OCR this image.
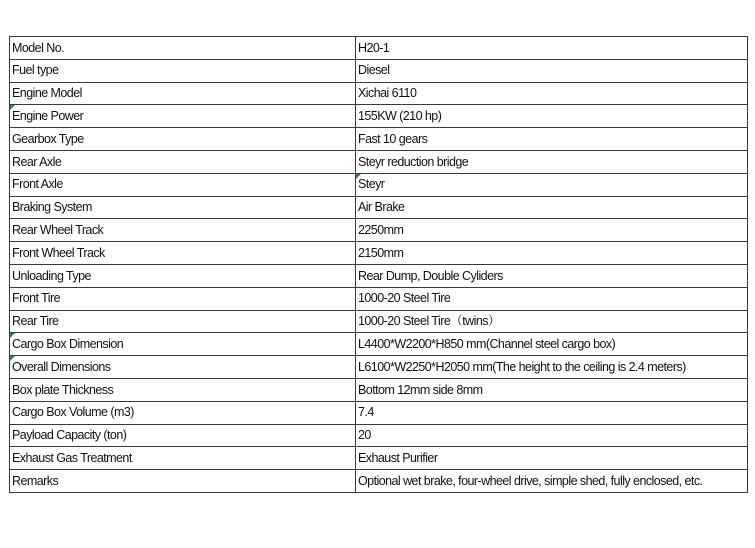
Model No.	H20-1
Fuel type	Diesel
Engine Model	Xichai 6110
Engine Power	155KW (210 hp)
Gearbox Type	Fast 10 gears
Rear Axle	Steyr reduction bridge
Front Axle	Steyr
Braking System	Air Brake
Rear Wheel Track	2250mm
Front Wheel Track	2150mm
Unloading Type	Rear Dump, Double Cyliders
Front Tire	1000-20 Steel Tire
Rear Tire	1000-20 Steel Tire（twins）
Cargo Box Dimension	L4400*W2200*H850 mm(Channel steel cargo box)
Overall Dimensions	L6100*W2250*H2050 mm(The height to the ceiling is 2.4 meters)
Box plate Thickness	Bottom 12mm side 8mm
Cargo Box Volume (m3)	7.4
Payload Capacity (ton)	20
Exhaust Gas Treatment	Exhaust Purifier
Remarks	Optional wet brake, four-wheel drive, simple shed, fully enclosed, etc.
